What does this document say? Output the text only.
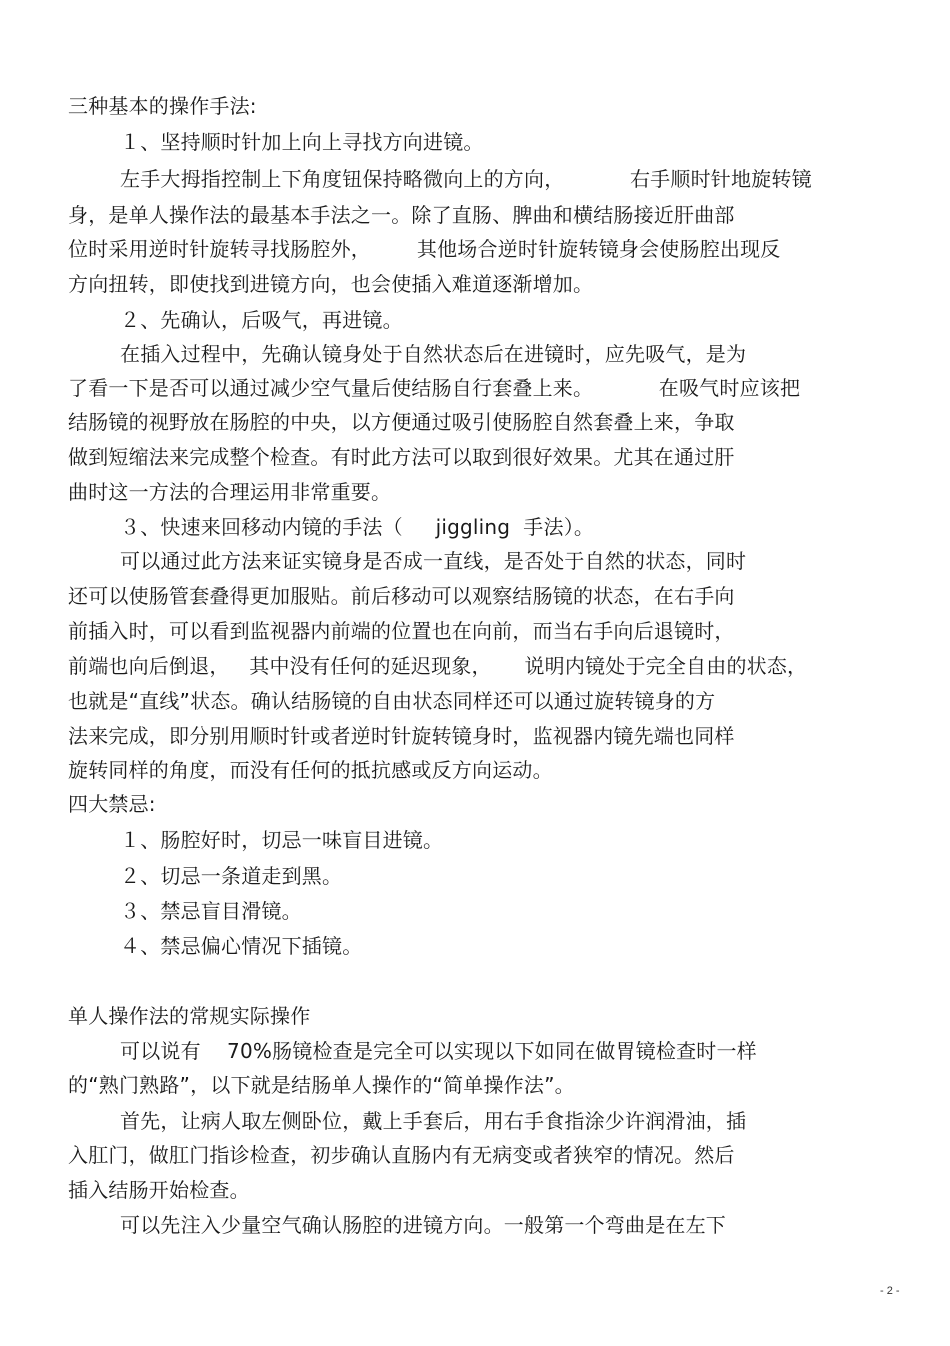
三种基本的操作手法:
１、坚持顺时针加上向上寻找方向进镜。
左手大拇指控制上下角度钮保持略微向上的方向，          右手顺时针地旋转镜
身，是单人操作法的最基本手法之一。除了直肠、脾曲和横结肠接近肝曲部
位时采用逆时针旋转寻找肠腔外，       其他场合逆时针旋转镜身会使肠腔出现反
方向扭转，即使找到进镜方向，也会使插入难道逐渐增加。
２、先确认，后吸气，再进镜。
在插入过程中，先确认镜身处于自然状态后在进镜时，应先吸气，是为
了看一下是否可以通过减少空气量后使结肠自行套叠上来。          在吸气时应该把
结肠镜的视野放在肠腔的中央，以方便通过吸引使肠腔自然套叠上来，争取
做到短缩法来完成整个检查。有时此方法可以取到很好效果。尤其在通过肝
曲时这一方法的合理运用非常重要。
３、快速来回移动内镜的手法（     jiggling  手法）。
可以通过此方法来证实镜身是否成一直线，是否处于自然的状态，同时
还可以使肠管套叠得更加服贴。前后移动可以观察结肠镜的状态，在右手向
前插入时，可以看到监视器内前端的位置也在向前，而当右手向后退镜时，
前端也向后倒退，   其中没有任何的延迟现象，     说明内镜处于完全自由的状态，
也就是“直线”状态。确认结肠镜的自由状态同样还可以通过旋转镜身的方
法来完成，即分别用顺时针或者逆时针旋转镜身时，监视器内镜先端也同样
旋转同样的角度，而没有任何的抵抗感或反方向运动。
四大禁忌:
１、肠腔好时，切忌一味盲目进镜。
２、切忌一条道走到黑。
３、禁忌盲目滑镜。
４、禁忌偏心情况下插镜。
单人操作法的常规实际操作
可以说有    70%肠镜检查是完全可以实现以下如同在做胃镜检查时一样
的“熟门熟路”，以下就是结肠单人操作的“简单操作法”。
首先，让病人取左侧卧位，戴上手套后，用右手食指涂少许润滑油，插
入肛门，做肛门指诊检查，初步确认直肠内有无病变或者狭窄的情况。然后
插入结肠开始检查。
可以先注入少量空气确认肠腔的进镜方向。一般第一个弯曲是在左下
- 2 -
